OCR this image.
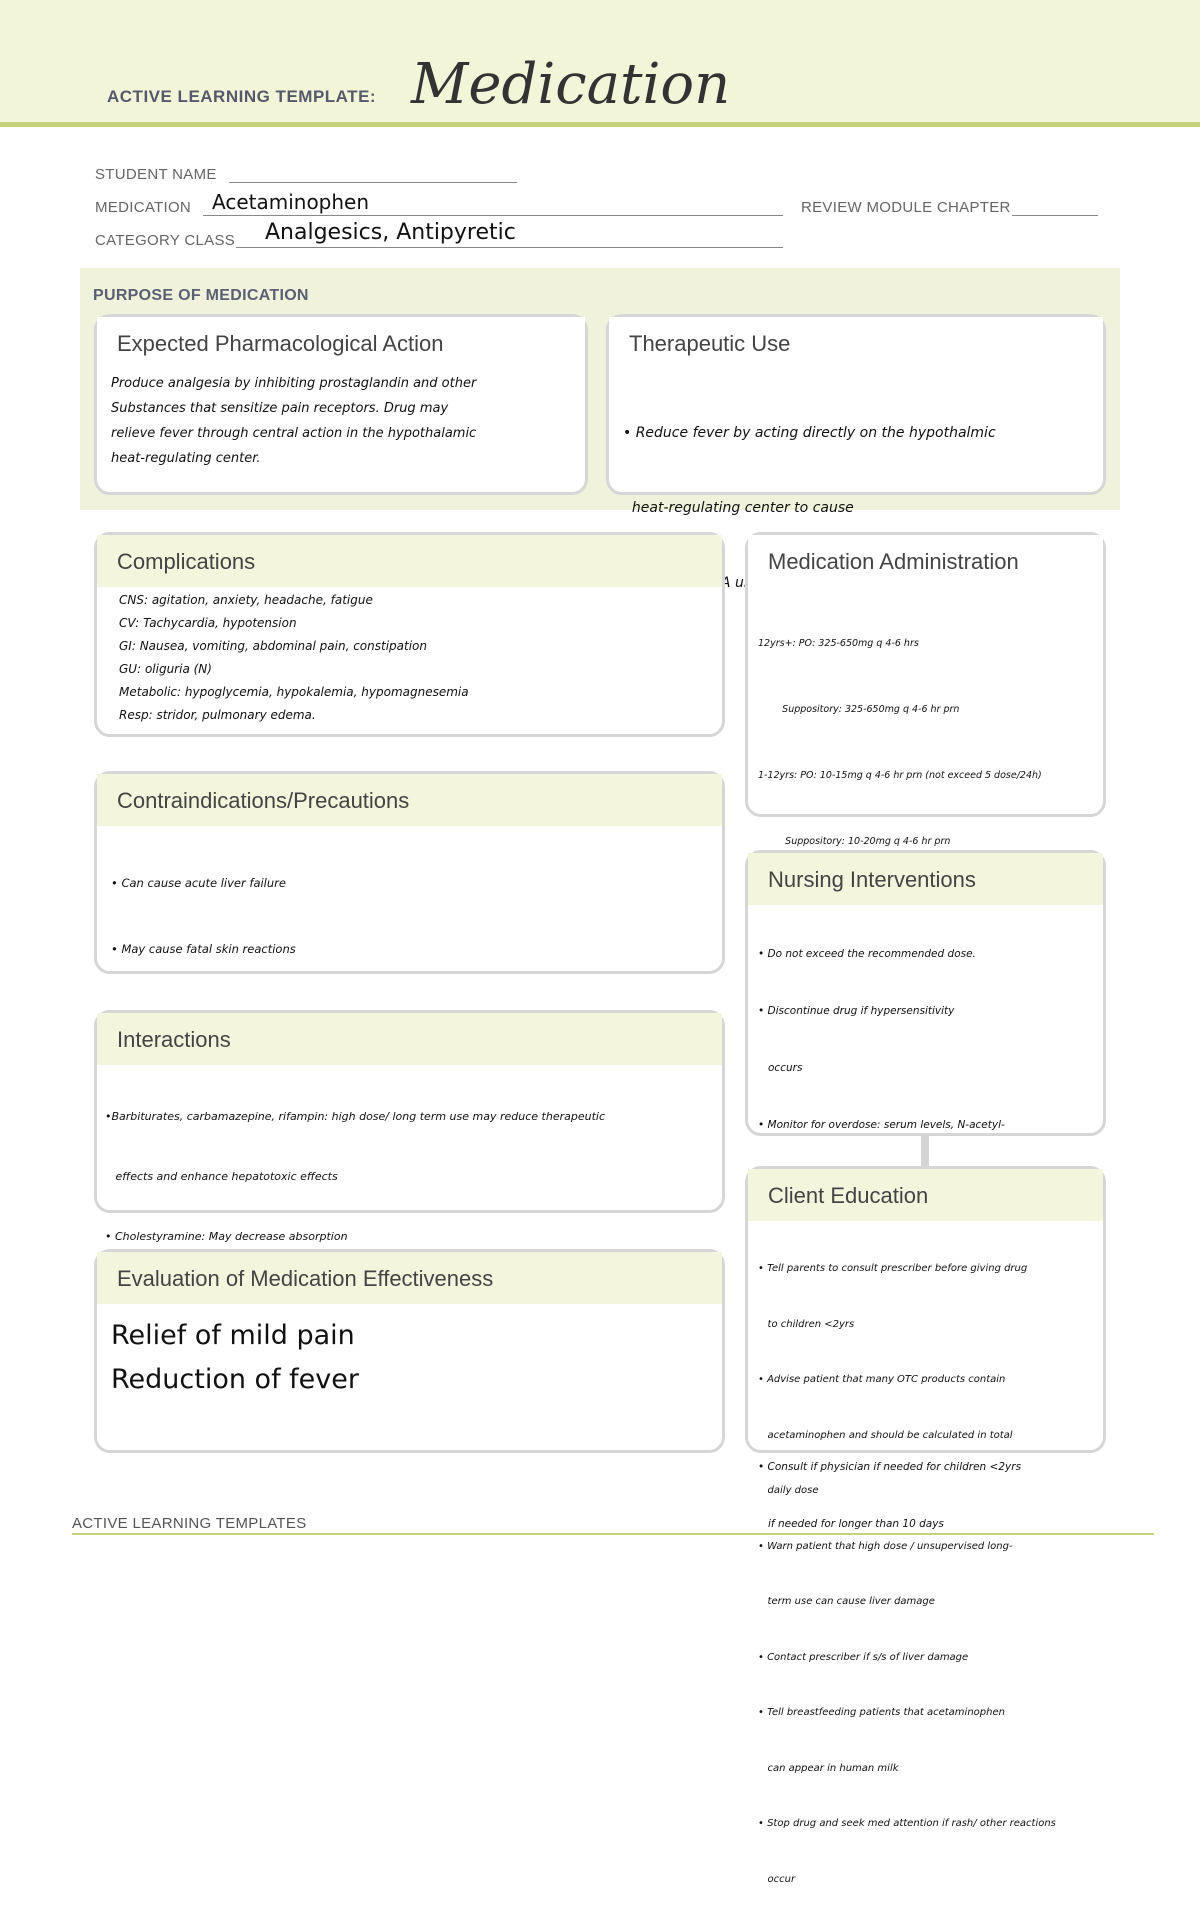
ACTIVE LEARNING TEMPLATE: Medication
STUDENT NAME
MEDICATION Acetaminophen	REVIEW MODULE CHAPTER
CATEGORY CLASS Analgesics, Antipyretic
PURPOSE OF MEDICATION
Expected Pharmacological Action
Produce analgesia by inhibiting prostaglandin and other
Substances that sensitize pain receptors. Drug may
relieve fever through central action in the hypothalamic
heat-regulating center.
Therapeutic Use

• Reduce fever by acting directly on the hypothalmic

heat-regulating center to cause

Complications
CNS: agitation, anxiety, headache, fatigue
CV: Tachycardia, hypotension
GI: Nausea, vomiting, abdominal pain, constipation
GU: oliguria (N)
Metabolic: hypoglycemia, hypokalemia, hypomagnesemia
Resp: stridor, pulmonary edema.
Medication Administration

12yrs+: PO: 325-650mg q 4-6 hrs

Suppository: 325-650mg q 4-6 hr prn

1-12yrs: PO: 10-15mg q 4-6 hr prn (not exceed 5 dose/24h)

Suppository: 10-20mg q 4-6 hr prn

Contraindications/Precautions

• Can cause acute liver failure

• May cause fatal skin reactions

Nursing Interventions

• Do not exceed the recommended dose.

• Discontinue drug if hypersensitivity

occurs

• Monitor for overdose: serum levels, N-acetyl-

• Consult if physician if needed for children <2yrs

if needed for longer than 10 days

Interactions

•Barbiturates, carbamazepine, rifampin: high dose/ long term use may reduce therapeutic

effects and enhance hepatotoxic effects

• Cholestyramine: May decrease absorption

Client Education

• Tell parents to consult prescriber before giving drug

to children <2yrs

• Advise patient that many OTC products contain

acetaminophen and should be calculated in total

daily dose

• Warn patient that high dose / unsupervised long-

term use can cause liver damage

• Contact prescriber if s/s of liver damage

• Tell breastfeeding patients that acetaminophen

can appear in human milk

• Stop drug and seek med attention if rash/ other reactions

occur

Evaluation of Medication Effectiveness
Relief of mild pain
Reduction of fever
ACTIVE LEARNING TEMPLATES
